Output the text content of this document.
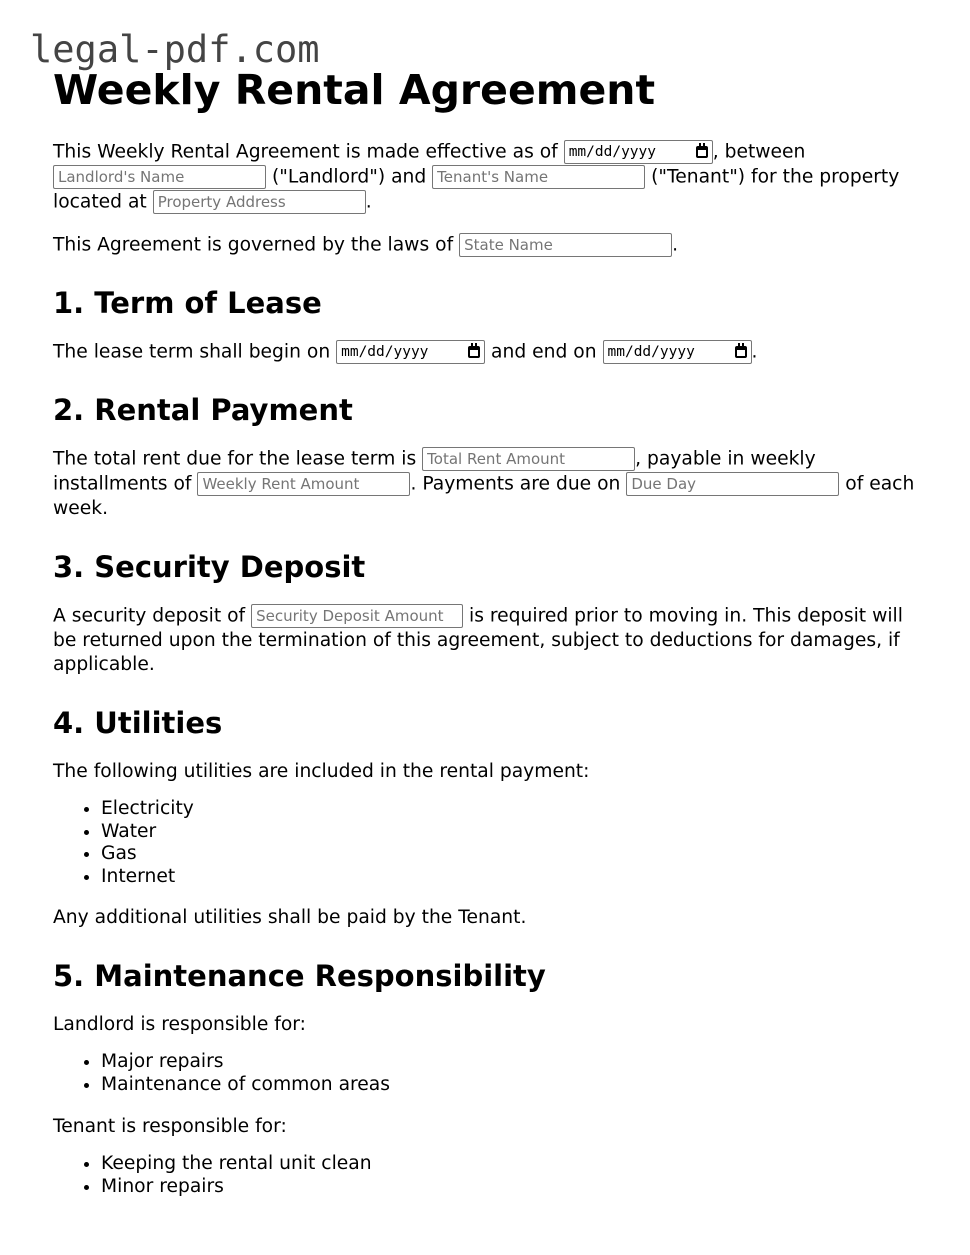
legal-pdf.com
Weekly Rental Agreement

This Weekly Rental Agreement is made effective as of mm/dd/yyyy	, between Landlord's Name ("Landlord") and Tenant's Name	("Tenant") for the property located at Property Address	.

This Agreement is governed by the laws of State Name	.

1. Term of Lease

The lease term shall begin on mm/dd/yyyy	and end on mm/dd/yyyy	.

2. Rental Payment

The total rent due for the lease term is Total Rent Amount	, payable in weekly installments of Weekly Rent Amount	. Payments are due on Due Day	of each week.

3. Security Deposit

A security deposit of Security Deposit Amount	is required prior to moving in. This deposit will be returned upon the termination of this agreement, subject to deductions for damages, if applicable.

4. Utilities

The following utilities are included in the rental payment:

• Electricity
• Water
• Gas
• Internet

Any additional utilities shall be paid by the Tenant.

5. Maintenance Responsibility

Landlord is responsible for:

• Major repairs
• Maintenance of common areas

Tenant is responsible for:

• Keeping the rental unit clean
• Minor repairs
